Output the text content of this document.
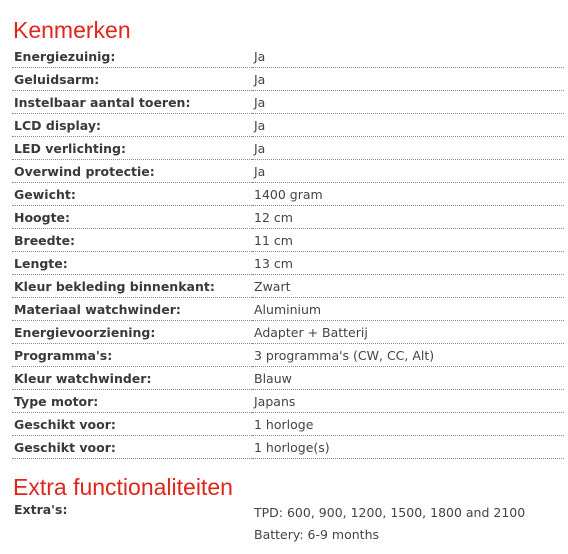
Kenmerken
Energiezuinig:	Ja
Geluidsarm:	Ja
Instelbaar aantal toeren:	Ja
LCD display:	Ja
LED verlichting:	Ja
Overwind protectie:	Ja
Gewicht:	1400 gram
Hoogte:	12 cm
Breedte:	11 cm
Lengte:	13 cm
Kleur bekleding binnenkant:	Zwart
Materiaal watchwinder:	Aluminium
Energievoorziening:	Adapter + Batterij
Programma's:	3 programma's (CW, CC, Alt)
Kleur watchwinder:	Blauw
Type motor:	Japans
Geschikt voor:	1 horloge
Geschikt voor:	1 horloge(s)
Extra functionaliteiten
Extra's:	TPD: 600, 900, 1200, 1500, 1800 and 2100
Battery: 6-9 months
